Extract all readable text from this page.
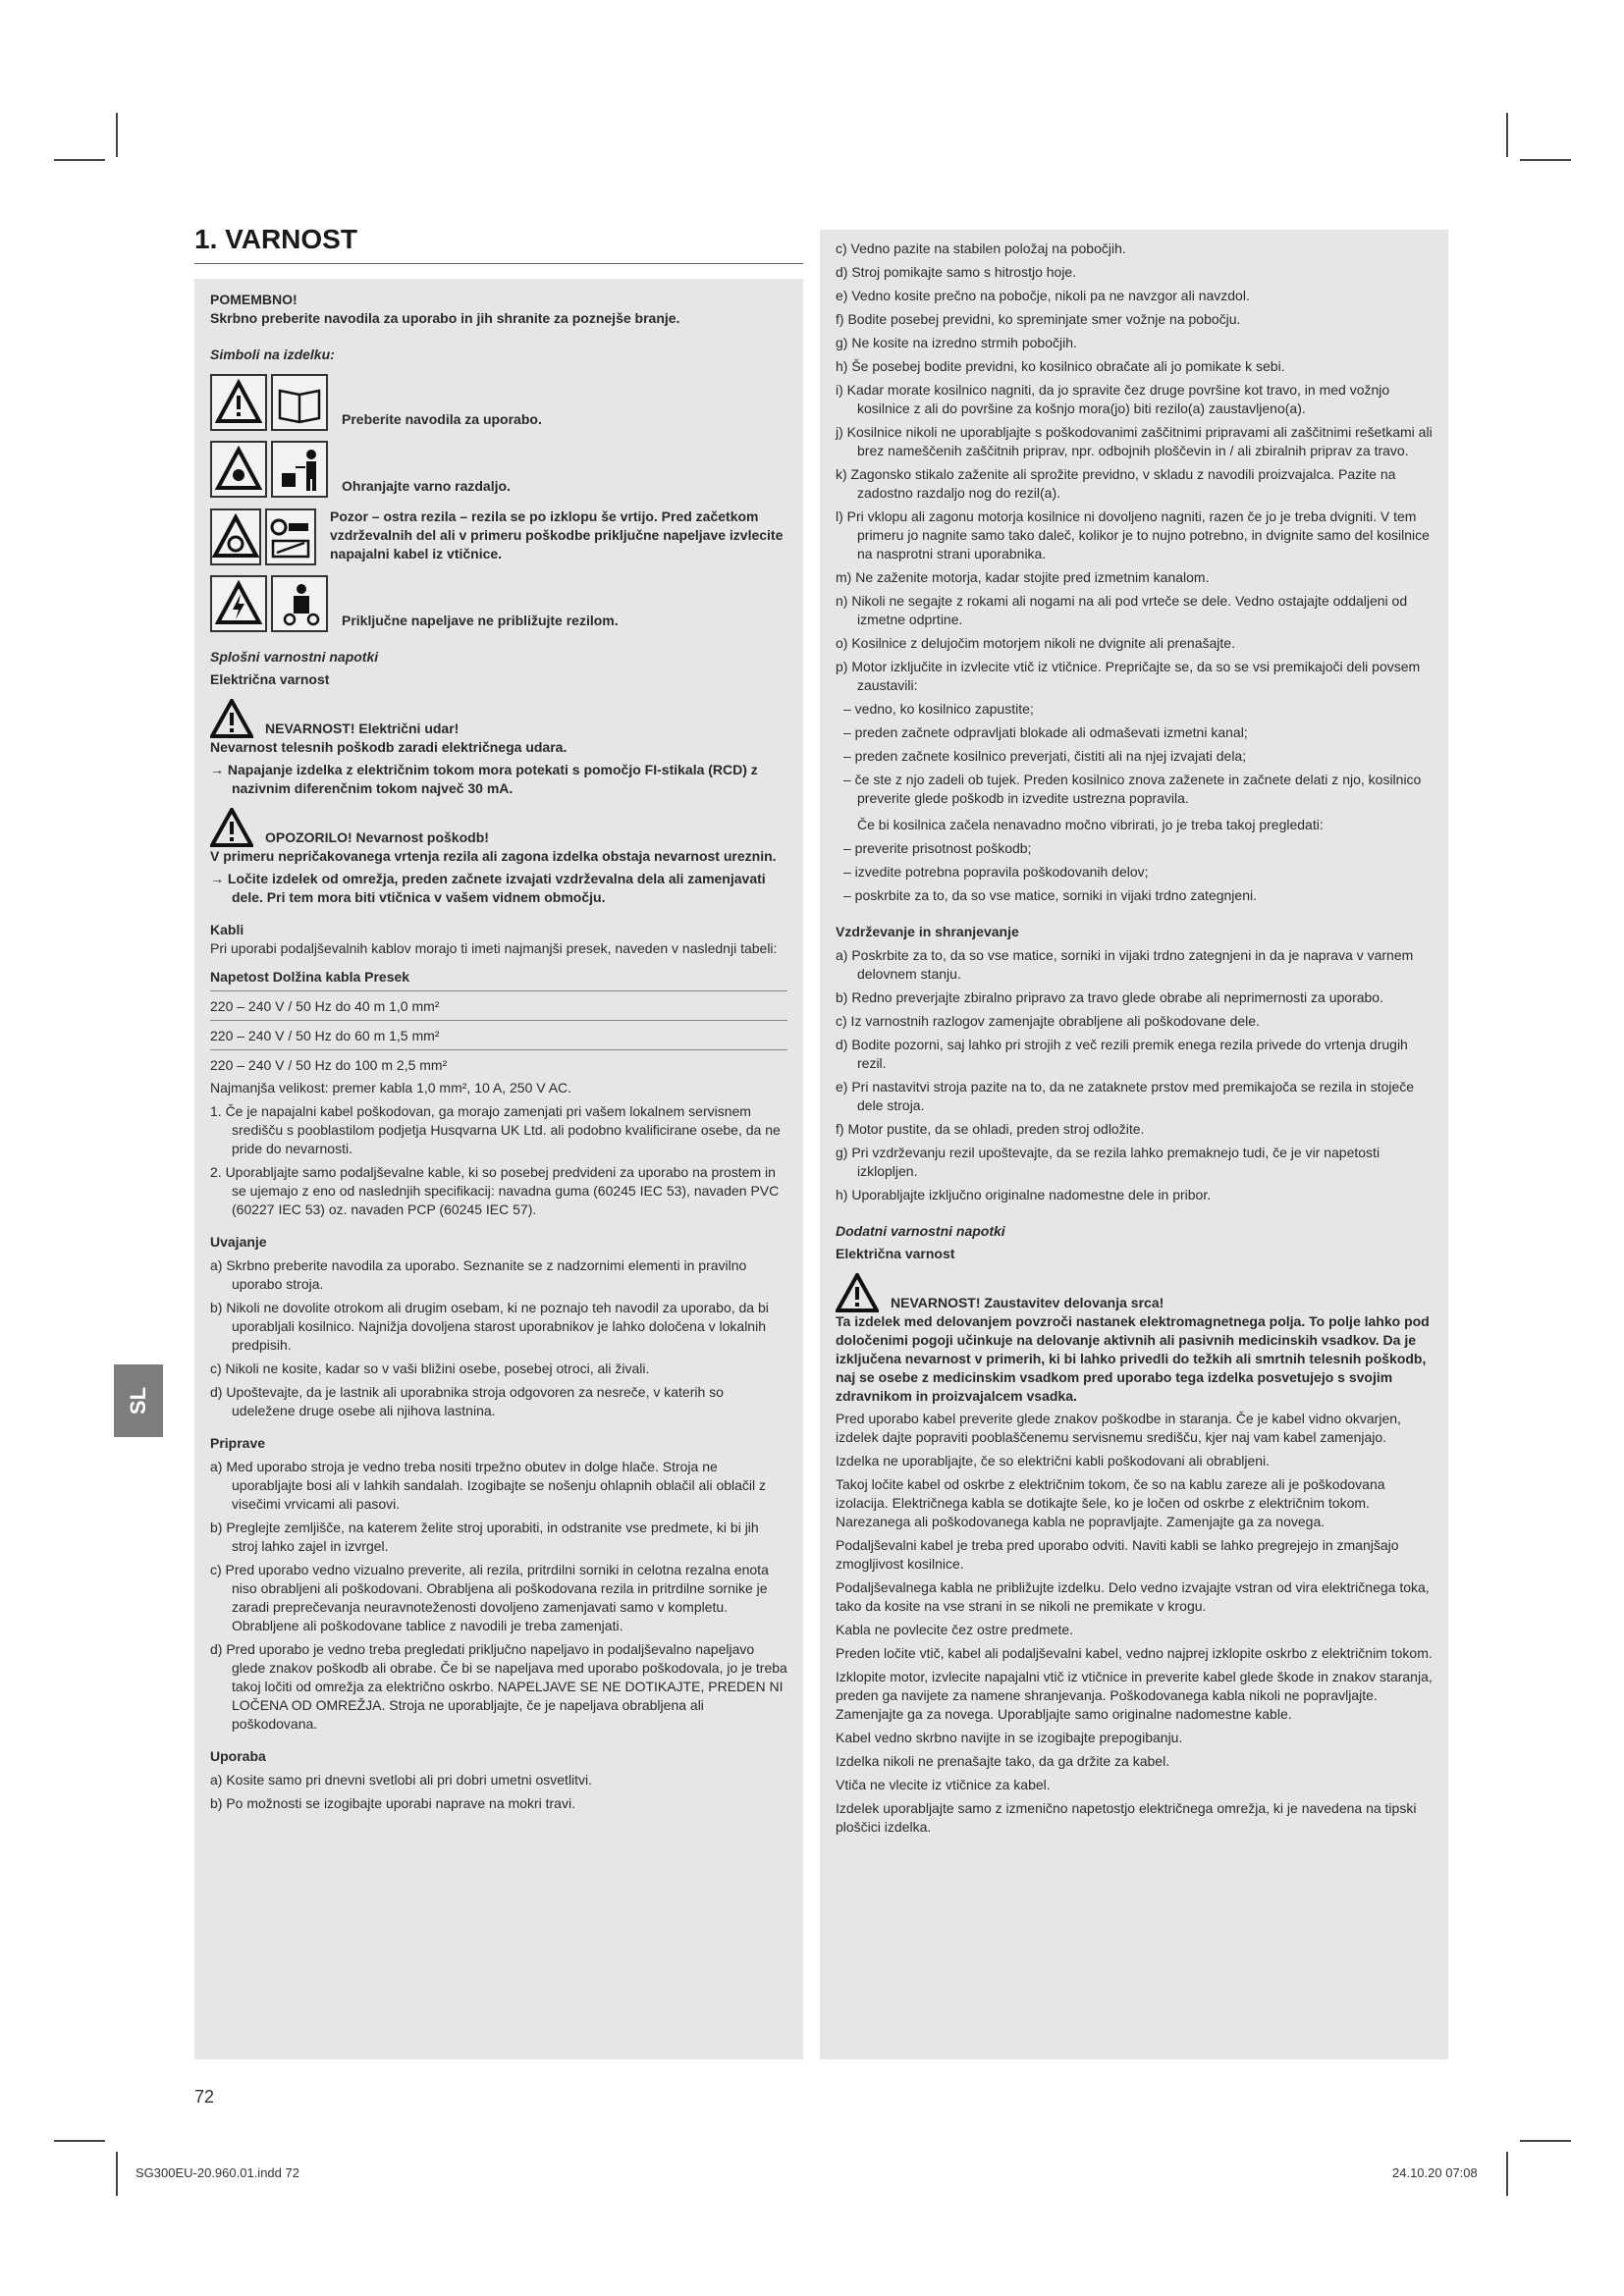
1. VARNOST
SL

POMEMBNO!

Skrbno preberite navodila za uporabo in jih shranite za poznejše branje.

Simboli na izdelku:

Preberite navodila za uporabo.
Ohranjajte varno razdaljo.
Pozor – ostra rezila – rezila se po izklopu še vrtijo. Pred začetkom vzdrževalnih del ali v primeru poškodbe priključne napeljave izvlecite napajalni kabel iz vtičnice.
Priključne napeljave ne približujte rezilom.

Splošni varnostni napotki

Električna varnost

NEVARNOST! Električni udar!

Nevarnost telesnih poškodb zaradi električnega udara.

→ Napajanje izdelka z električnim tokom mora potekati s pomočjo FI-stikala (RCD) z nazivnim diferenčnim tokom največ 30 mA.

OPOZORILO! Nevarnost poškodb!

V primeru nepričakovanega vrtenja rezila ali zagona izdelka obstaja nevarnost ureznin.

→ Ločite izdelek od omrežja, preden začnete izvajati vzdrževalna dela ali zamenjavati dele. Pri tem mora biti vtičnica v vašem vidnem območju.

Kabli

Pri uporabi podaljševalnih kablov morajo ti imeti najmanjši presek, naveden v naslednji tabeli:

Napetost Dolžina kabla Presek

220 – 240 V / 50 Hz do 40 m 1,0 mm²
220 – 240 V / 50 Hz do 60 m 1,5 mm²
220 – 240 V / 50 Hz do 100 m 2,5 mm²

Najmanjša velikost: premer kabla 1,0 mm², 10 A, 250 V AC.

1. Če je napajalni kabel poškodovan, ga morajo zamenjati pri vašem lokalnem servisnem središču s pooblastilom podjetja Husqvarna UK Ltd. ali podobno kvalificirane osebe, da ne pride do nevarnosti.

2. Uporabljajte samo podaljševalne kable, ki so posebej predvideni za uporabo na prostem in se ujemajo z eno od naslednjih specifikacij: navadna guma (60245 IEC 53), navaden PVC (60227 IEC 53) oz. navaden PCP (60245 IEC 57).

Uvajanje

a) Skrbno preberite navodila za uporabo. Seznanite se z nadzornimi elementi in pravilno uporabo stroja.

b) Nikoli ne dovolite otrokom ali drugim osebam, ki ne poznajo teh navodil za uporabo, da bi uporabljali kosilnico. Najnižja dovoljena starost uporabnikov je lahko določena v lokalnih predpisih.

c) Nikoli ne kosite, kadar so v vaši bližini osebe, posebej otroci, ali živali.

d) Upoštevajte, da je lastnik ali uporabnika stroja odgovoren za nesreče, v katerih so udeležene druge osebe ali njihova lastnina.

Priprave

a) Med uporabo stroja je vedno treba nositi trpežno obutev in dolge hlače. Stroja ne uporabljajte bosi ali v lahkih sandalah. Izogibajte se nošenju ohlapnih oblačil ali oblačil z visečimi vrvicami ali pasovi.

b) Preglejte zemljišče, na katerem želite stroj uporabiti, in odstranite vse predmete, ki bi jih stroj lahko zajel in izvrgel.

c) Pred uporabo vedno vizualno preverite, ali rezila, pritrdilni sorniki in celotna rezalna enota niso obrabljeni ali poškodovani. Obrabljena ali poškodovana rezila in pritrdilne sornike je zaradi preprečevanja neuravnoteženosti dovoljeno zamenjavati samo v kompletu. Obrabljene ali poškodovane tablice z navodili je treba zamenjati.

d) Pred uporabo je vedno treba pregledati priključno napeljavo in podaljševalno napeljavo glede znakov poškodb ali obrabe. Če bi se napeljava med uporabo poškodovala, jo je treba takoj ločiti od omrežja za električno oskrbo. NAPELJAVE SE NE DOTIKAJTE, PREDEN NI LOČENA OD OMREŽJA. Stroja ne uporabljajte, če je napeljava obrabljena ali poškodovana.

Uporaba

a) Kosite samo pri dnevni svetlobi ali pri dobri umetni osvetlitvi.

b) Po možnosti se izogibajte uporabi naprave na mokri travi.

c) Vedno pazite na stabilen položaj na pobočjih.

d) Stroj pomikajte samo s hitrostjo hoje.

e) Vedno kosite prečno na pobočje, nikoli pa ne navzgor ali navzdol.

f) Bodite posebej previdni, ko spreminjate smer vožnje na pobočju.

g) Ne kosite na izredno strmih pobočjih.

h) Še posebej bodite previdni, ko kosilnico obračate ali jo pomikate k sebi.

i) Kadar morate kosilnico nagniti, da jo spravite čez druge površine kot travo, in med vožnjo kosilnice z ali do površine za košnjo mora(jo) biti rezilo(a) zaustavljeno(a).

j) Kosilnice nikoli ne uporabljajte s poškodovanimi zaščitnimi pripravami ali zaščitnimi rešetkami ali brez nameščenih zaščitnih priprav, npr. odbojnih ploščevin in / ali zbiralnih priprav za travo.

k) Zagonsko stikalo zaženite ali sprožite previdno, v skladu z navodili proizvajalca. Pazite na zadostno razdaljo nog do rezil(a).

l) Pri vklopu ali zagonu motorja kosilnice ni dovoljeno nagniti, razen če jo je treba dvigniti. V tem primeru jo nagnite samo tako daleč, kolikor je to nujno potrebno, in dvignite samo del kosilnice na nasprotni strani uporabnika.

m) Ne zaženite motorja, kadar stojite pred izmetnim kanalom.

n) Nikoli ne segajte z rokami ali nogami na ali pod vrteče se dele. Vedno ostajajte oddaljeni od izmetne odprtine.

o) Kosilnice z delujočim motorjem nikoli ne dvignite ali prenašajte.

p) Motor izključite in izvlecite vtič iz vtičnice. Prepričajte se, da so se vsi premikajoči deli povsem zaustavili:

– vedno, ko kosilnico zapustite;

– preden začnete odpravljati blokade ali odmaševati izmetni kanal;

– preden začnete kosilnico preverjati, čistiti ali na njej izvajati dela;

– če ste z njo zadeli ob tujek. Preden kosilnico znova zaženete in začnete delati z njo, kosilnico preverite glede poškodb in izvedite ustrezna popravila.

Če bi kosilnica začela nenavadno močno vibrirati, jo je treba takoj pregledati:

– preverite prisotnost poškodb;

– izvedite potrebna popravila poškodovanih delov;

– poskrbite za to, da so vse matice, sorniki in vijaki trdno zategnjeni.

Vzdrževanje in shranjevanje

a) Poskrbite za to, da so vse matice, sorniki in vijaki trdno zategnjeni in da je naprava v varnem delovnem stanju.

b) Redno preverjajte zbiralno pripravo za travo glede obrabe ali neprimernosti za uporabo.

c) Iz varnostnih razlogov zamenjajte obrabljene ali poškodovane dele.

d) Bodite pozorni, saj lahko pri strojih z več rezili premik enega rezila privede do vrtenja drugih rezil.

e) Pri nastavitvi stroja pazite na to, da ne zataknete prstov med premikajoča se rezila in stoječe dele stroja.

f) Motor pustite, da se ohladi, preden stroj odložite.

g) Pri vzdrževanju rezil upoštevajte, da se rezila lahko premaknejo tudi, če je vir napetosti izklopljen.

h) Uporabljajte izključno originalne nadomestne dele in pribor.

Dodatni varnostni napotki

Električna varnost

NEVARNOST! Zaustavitev delovanja srca!

Ta izdelek med delovanjem povzroči nastanek elektromagnetnega polja. To polje lahko pod določenimi pogoji učinkuje na delovanje aktivnih ali pasivnih medicinskih vsadkov. Da je izključena nevarnost v primerih, ki bi lahko privedli do težkih ali smrtnih telesnih poškodb, naj se osebe z medicinskim vsadkom pred uporabo tega izdelka posvetujejo s svojim zdravnikom in proizvajalcem vsadka.

Pred uporabo kabel preverite glede znakov poškodbe in staranja. Če je kabel vidno okvarjen, izdelek dajte popraviti pooblaščenemu servisnemu središču, kjer naj vam kabel zamenjajo.

Izdelka ne uporabljajte, če so električni kabli poškodovani ali obrabljeni.

Takoj ločite kabel od oskrbe z električnim tokom, če so na kablu zareze ali je poškodovana izolacija. Električnega kabla se dotikajte šele, ko je ločen od oskrbe z električnim tokom. Narezanega ali poškodovanega kabla ne popravljajte. Zamenjajte ga za novega.

Podaljševalni kabel je treba pred uporabo odviti. Naviti kabli se lahko pregrejejo in zmanjšajo zmogljivost kosilnice.

Podaljševalnega kabla ne približujte izdelku. Delo vedno izvajajte vstran od vira električnega toka, tako da kosite na vse strani in se nikoli ne premikate v krogu.

Kabla ne povlecite čez ostre predmete.

Preden ločite vtič, kabel ali podaljševalni kabel, vedno najprej izklopite oskrbo z električnim tokom.

Izklopite motor, izvlecite napajalni vtič iz vtičnice in preverite kabel glede škode in znakov staranja, preden ga navijete za namene shranjevanja. Poškodovanega kabla nikoli ne popravljajte. Zamenjajte ga za novega. Uporabljajte samo originalne nadomestne kable.

Kabel vedno skrbno navijte in se izogibajte prepogibanju.

Izdelka nikoli ne prenašajte tako, da ga držite za kabel.

Vtiča ne vlecite iz vtičnice za kabel.

Izdelek uporabljajte samo z izmenično napetostjo električnega omrežja, ki je navedena na tipski ploščici izdelka.

72
SG300EU-20.960.01.indd 72	24.10.20 07:08
